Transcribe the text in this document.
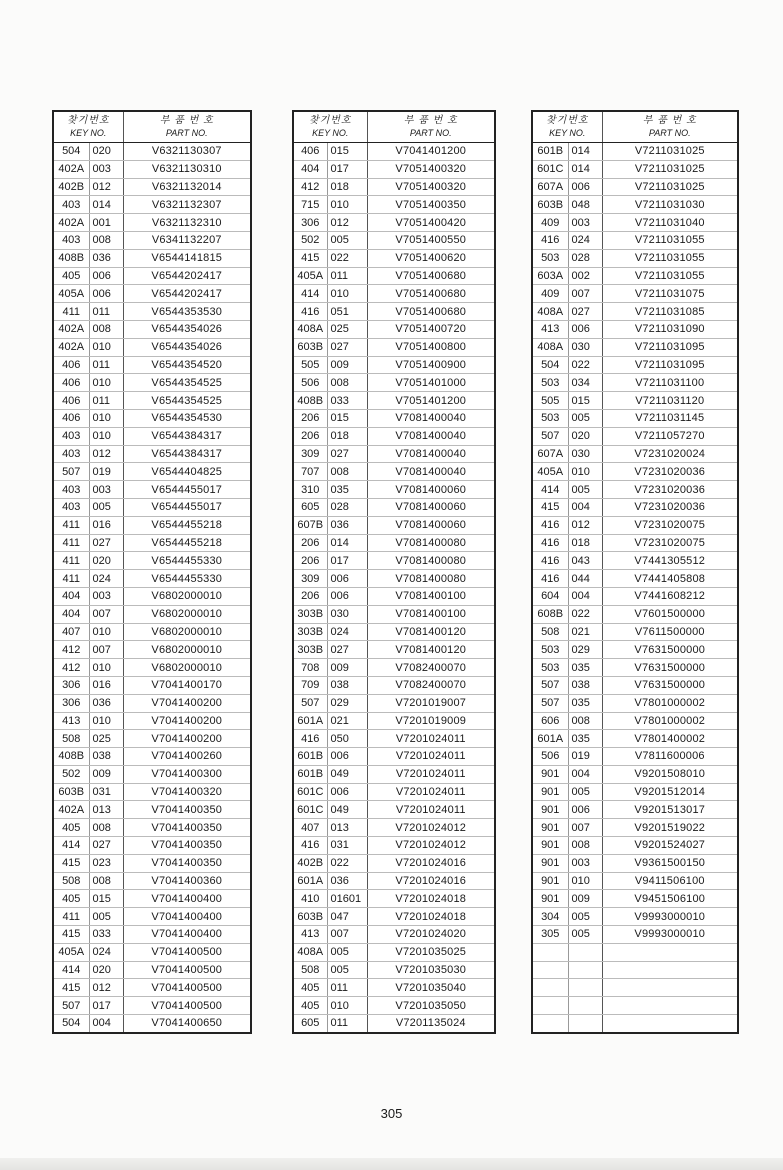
찾기번호
KEY NO.		부 품 번 호
PART NO.

504	020	V6321130307
402A	003	V6321130310
402B	012	V6321132014
403	014	V6321132307
402A	001	V6321132310
403	008	V6341132207
408B	036	V6544141815
405	006	V6544202417
405A	006	V6544202417
411	011	V6544353530
402A	008	V6544354026
402A	010	V6544354026
406	011	V6544354520
406	010	V6544354525
406	011	V6544354525
406	010	V6544354530
403	010	V6544384317
403	012	V6544384317
507	019	V6544404825
403	003	V6544455017
403	005	V6544455017
411	016	V6544455218
411	027	V6544455218
411	020	V6544455330
411	024	V6544455330
404	003	V6802000010
404	007	V6802000010
407	010	V6802000010
412	007	V6802000010
412	010	V6802000010
306	016	V7041400170
306	036	V7041400200
413	010	V7041400200
508	025	V7041400200
408B	038	V7041400260
502	009	V7041400300
603B	031	V7041400320
402A	013	V7041400350
405	008	V7041400350
414	027	V7041400350
415	023	V7041400350
508	008	V7041400360
405	015	V7041400400
411	005	V7041400400
415	033	V7041400400
405A	024	V7041400500
414	020	V7041400500
415	012	V7041400500
507	017	V7041400500
504	004	V7041400650
찾기번호
KEY NO.		부 품 번 호
PART NO.

406	015	V7041401200
404	017	V7051400320
412	018	V7051400320
715	010	V7051400350
306	012	V7051400420
502	005	V7051400550
415	022	V7051400620
405A	011	V7051400680
414	010	V7051400680
416	051	V7051400680
408A	025	V7051400720
603B	027	V7051400800
505	009	V7051400900
506	008	V7051401000
408B	033	V7051401200
206	015	V7081400040
206	018	V7081400040
309	027	V7081400040
707	008	V7081400040
310	035	V7081400060
605	028	V7081400060
607B	036	V7081400060
206	014	V7081400080
206	017	V7081400080
309	006	V7081400080
206	006	V7081400100
303B	030	V7081400100
303B	024	V7081400120
303B	027	V7081400120
708	009	V7082400070
709	038	V7082400070
507	029	V7201019007
601A	021	V7201019009
416	050	V7201024011
601B	006	V7201024011
601B	049	V7201024011
601C	006	V7201024011
601C	049	V7201024011
407	013	V7201024012
416	031	V7201024012
402B	022	V7201024016
601A	036	V7201024016
410	01601	V7201024018
603B	047	V7201024018
413	007	V7201024020
408A	005	V7201035025
508	005	V7201035030
405	011	V7201035040
405	010	V7201035050
605	011	V7201135024
찾기번호
KEY NO.		부 품 번 호
PART NO.

601B	014	V7211031025
601C	014	V7211031025
607A	006	V7211031025
603B	048	V7211031030
409	003	V7211031040
416	024	V7211031055
503	028	V7211031055
603A	002	V7211031055
409	007	V7211031075
408A	027	V7211031085
413	006	V7211031090
408A	030	V7211031095
504	022	V7211031095
503	034	V7211031100
505	015	V7211031120
503	005	V7211031145
507	020	V7211057270
607A	030	V7231020024
405A	010	V7231020036
414	005	V7231020036
415	004	V7231020036
416	012	V7231020075
416	018	V7231020075
416	043	V7441305512
416	044	V7441405808
604	004	V7441608212
608B	022	V7601500000
508	021	V7611500000
503	029	V7631500000
503	035	V7631500000
507	038	V7631500000
507	035	V7801000002
606	008	V7801000002
601A	035	V7801400002
506	019	V7811600006
901	004	V9201508010
901	005	V9201512014
901	006	V9201513017
901	007	V9201519022
901	008	V9201524027
901	003	V9361500150
901	010	V9411506100
901	009	V9451506100
304	005	V9993000010
305	005	V9993000010

305
